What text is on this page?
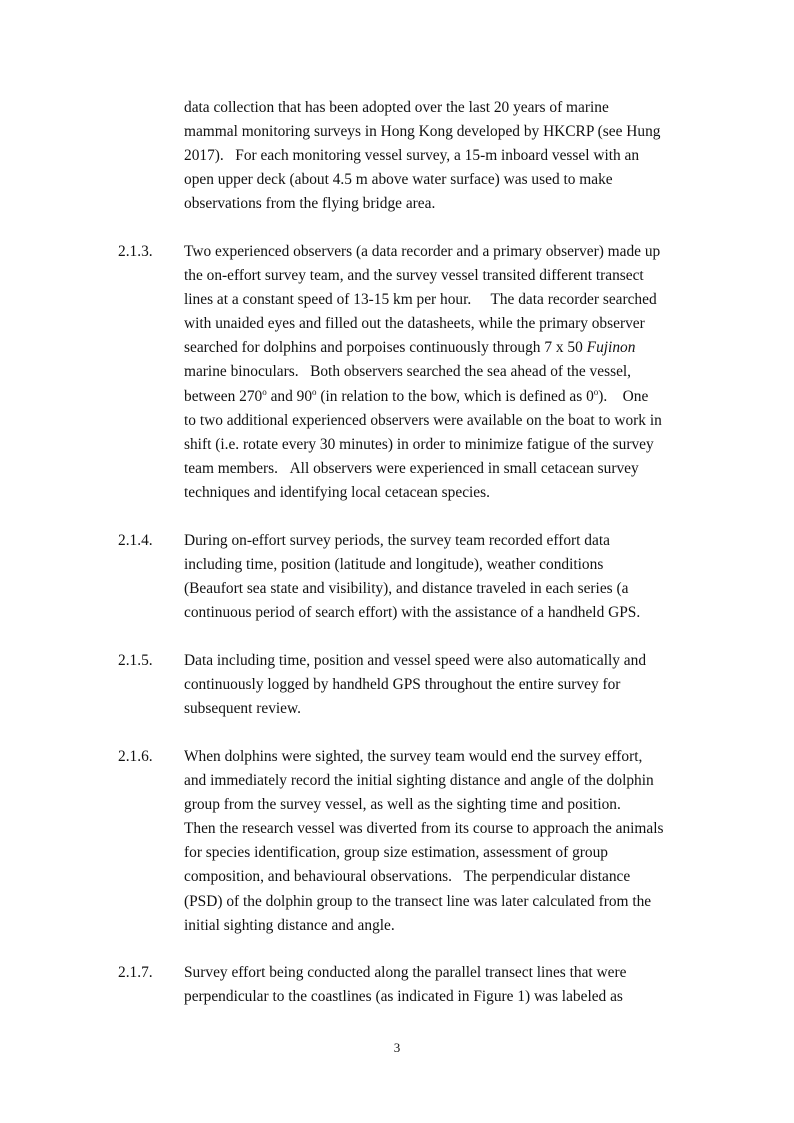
data collection that has been adopted over the last 20 years of marine
mammal monitoring surveys in Hong Kong developed by HKCRP (see Hung
2017).   For each monitoring vessel survey, a 15-m inboard vessel with an
open upper deck (about 4.5 m above water surface) was used to make
observations from the flying bridge area.
2.1.3. Two experienced observers (a data recorder and a primary observer) made up
the on-effort survey team, and the survey vessel transited different transect
lines at a constant speed of 13-15 km per hour.     The data recorder searched
with unaided eyes and filled out the datasheets, while the primary observer
searched for dolphins and porpoises continuously through 7 x 50 Fujinon
marine binoculars.   Both observers searched the sea ahead of the vessel,
between 270$^o$ and 90$^o$ (in relation to the bow, which is defined as 0$^o$).    One
to two additional experienced observers were available on the boat to work in
shift (i.e. rotate every 30 minutes) in order to minimize fatigue of the survey
team members.   All observers were experienced in small cetacean survey
techniques and identifying local cetacean species.
2.1.4. During on-effort survey periods, the survey team recorded effort data
including time, position (latitude and longitude), weather conditions
(Beaufort sea state and visibility), and distance traveled in each series (a
continuous period of search effort) with the assistance of a handheld GPS.
2.1.5. Data including time, position and vessel speed were also automatically and
continuously logged by handheld GPS throughout the entire survey for
subsequent review.
2.1.6. When dolphins were sighted, the survey team would end the survey effort,
and immediately record the initial sighting distance and angle of the dolphin
group from the survey vessel, as well as the sighting time and position.
Then the research vessel was diverted from its course to approach the animals
for species identification, group size estimation, assessment of group
composition, and behavioural observations.   The perpendicular distance
(PSD) of the dolphin group to the transect line was later calculated from the
initial sighting distance and angle.
2.1.7. Survey effort being conducted along the parallel transect lines that were
perpendicular to the coastlines (as indicated in Figure 1) was labeled as
3
